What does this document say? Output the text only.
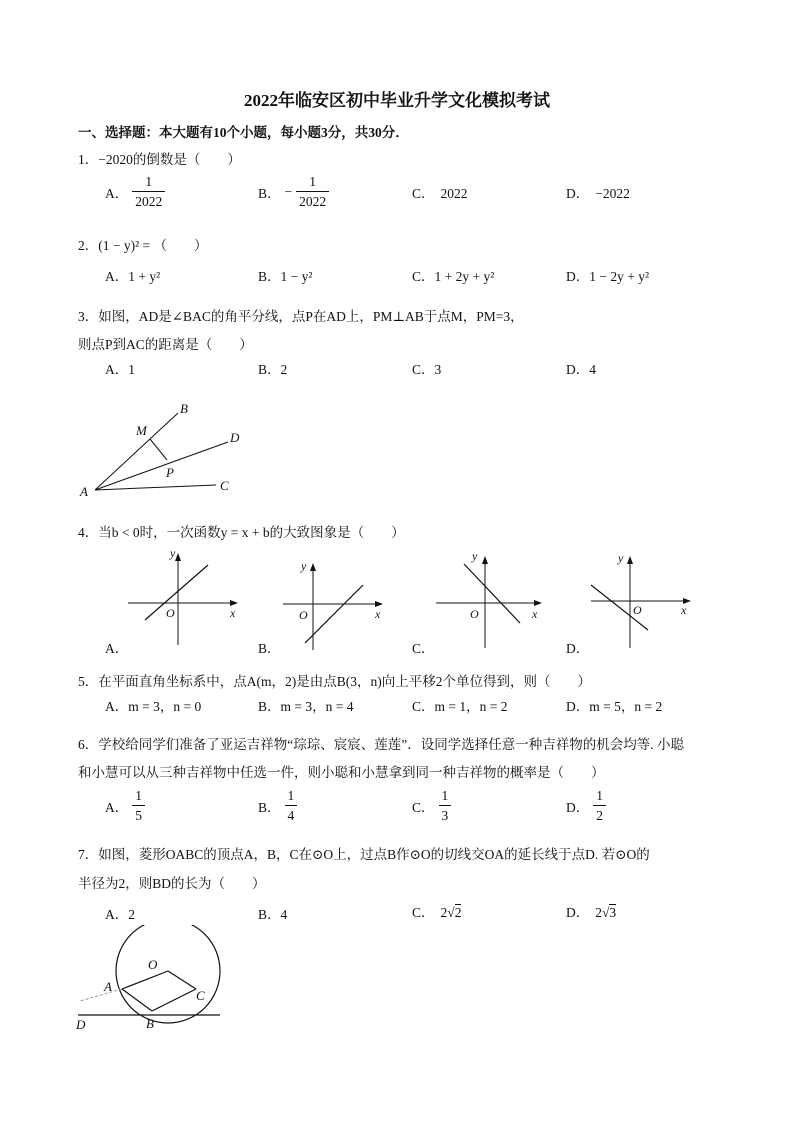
2022年临安区初中毕业升学文化模拟考试
一、选择题：本大题有10个小题，每小题3分，共30分．
1．−2020的倒数是（　　）
A． $\frac{1}{2022}$	B． − $\frac{1}{2022}$	C． 2022	D． −2022
2．(1 − y)² = （　　）
A．1 + y²	B．1 − y²	C．1 + 2y + y²	D．1 − 2y + y²
3．如图，AD是∠BAC的角平分线，点P在AD上，PM⊥AB于点M，PM=3，
则点P到AC的距离是（　　）
A．1	B．2	C．3	D．4
B
M	D
P
C
A
4．当b < 0时，一次函数y = x + b的大致图象是（　　）
x
y
O	x
y
O	x
y
O	x
y
O
A．	B．	C．	D．
5．在平面直角坐标系中，点A(m，2)是由点B(3，n)向上平移2个单位得到，则（　　）
A．m = 3，n = 0	B．m = 3，n = 4	C．m = 1，n = 2	D．m = 5，n = 2
6．学校给同学们准备了亚运吉祥物“琮琮、宸宸、莲莲”．设同学选择任意一种吉祥物的机会均等. 小聪
和小慧可以从三种吉祥物中任选一件，则小聪和小慧拿到同一种吉祥物的概率是（　　）
A． $\frac{1}{5}$	B． $\frac{1}{4}$	C． $\frac{1}{3}$	D． $\frac{1}{2}$
7．如图，菱形OABC的顶点A，B，C在⊙O上，过点B作⊙O的切线交OA的延长线于点D. 若⊙O的
半径为2，则BD的长为（　　）
A．2	B．4	C． 2√2	D． 2√3
O
A
C
B
D
